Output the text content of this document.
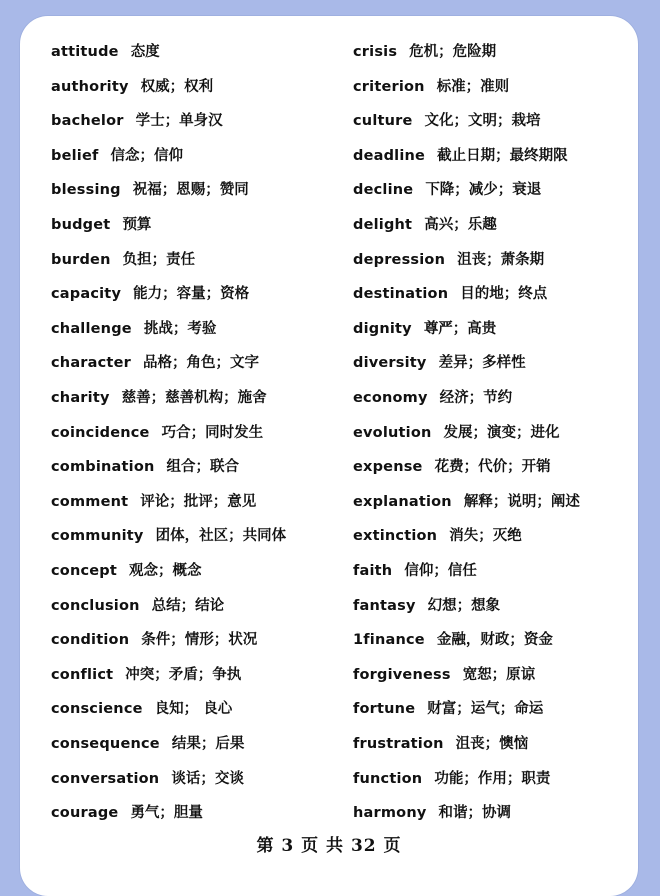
attitude 态度
authority 权威；权利
bachelor 学士；单身汉
belief 信念；信仰
blessing 祝福；恩赐；赞同
budget 预算
burden 负担；责任
capacity 能力；容量；资格
challenge 挑战；考验
character 品格；角色；文字
charity 慈善；慈善机构；施舍
coincidence 巧合；同时发生
combination 组合；联合
comment 评论；批评；意见
community 团体，社区；共同体
concept 观念；概念
conclusion 总结；结论
condition 条件；情形；状况
conflict 冲突；矛盾；争执
conscience 良知； 良心
consequence 结果；后果
conversation 谈话；交谈
courage 勇气；胆量
crisis 危机；危险期
criterion 标准；准则
culture 文化；文明；栽培
deadline 截止日期；最终期限
decline 下降；减少；衰退
delight 高兴；乐趣
depression 沮丧；萧条期
destination 目的地；终点
dignity 尊严；高贵
diversity 差异；多样性
economy 经济；节约
evolution 发展；演变；进化
expense 花费；代价；开销
explanation 解释；说明；阐述
extinction 消失；灭绝
faith 信仰；信任
fantasy 幻想；想象
1finance 金融，财政；资金
forgiveness 宽恕；原谅
fortune 财富；运气；命运
frustration 沮丧；懊恼
function 功能；作用；职责
harmony 和谐；协调
第 3 页 共 32 页
